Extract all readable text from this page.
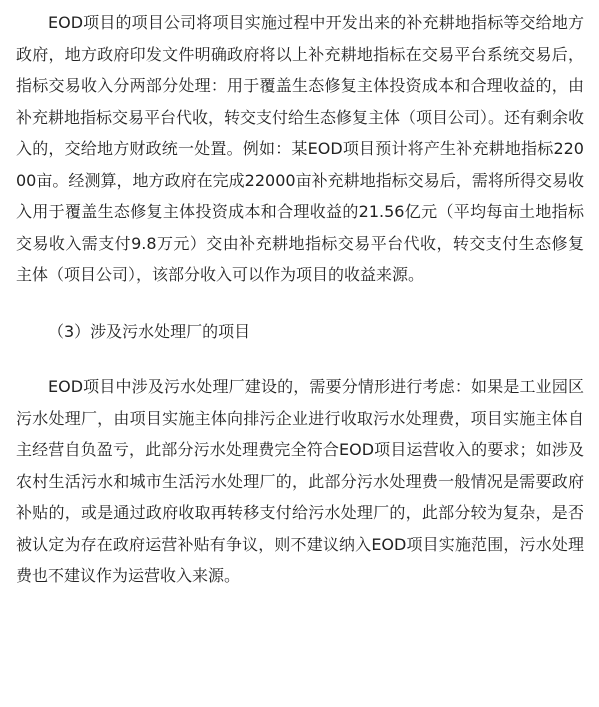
EOD项目的项目公司将项目实施过程中开发出来的补充耕地指标等交给地方政府，地方政府印发文件明确政府将以上补充耕地指标在交易平台系统交易后，指标交易收入分两部分处理：用于覆盖生态修复主体投资成本和合理收益的，由补充耕地指标交易平台代收，转交支付给生态修复主体（项目公司）。还有剩余收入的，交给地方财政统一处置。例如：某EOD项目预计将产生补充耕地指标22000亩。经测算，地方政府在完成22000亩补充耕地指标交易后，需将所得交易收入用于覆盖生态修复主体投资成本和合理收益的21.56亿元（平均每亩土地指标交易收入需支付9.8万元）交由补充耕地指标交易平台代收，转交支付生态修复主体（项目公司），该部分收入可以作为项目的收益来源。

（3）涉及污水处理厂的项目

EOD项目中涉及污水处理厂建设的，需要分情形进行考虑：如果是工业园区污水处理厂，由项目实施主体向排污企业进行收取污水处理费，项目实施主体自主经营自负盈亏，此部分污水处理费完全符合EOD项目运营收入的要求；如涉及农村生活污水和城市生活污水处理厂的，此部分污水处理费一般情况是需要政府补贴的，或是通过政府收取再转移支付给污水处理厂的，此部分较为复杂，是否被认定为存在政府运营补贴有争议，则不建议纳入EOD项目实施范围，污水处理费也不建议作为运营收入来源。
